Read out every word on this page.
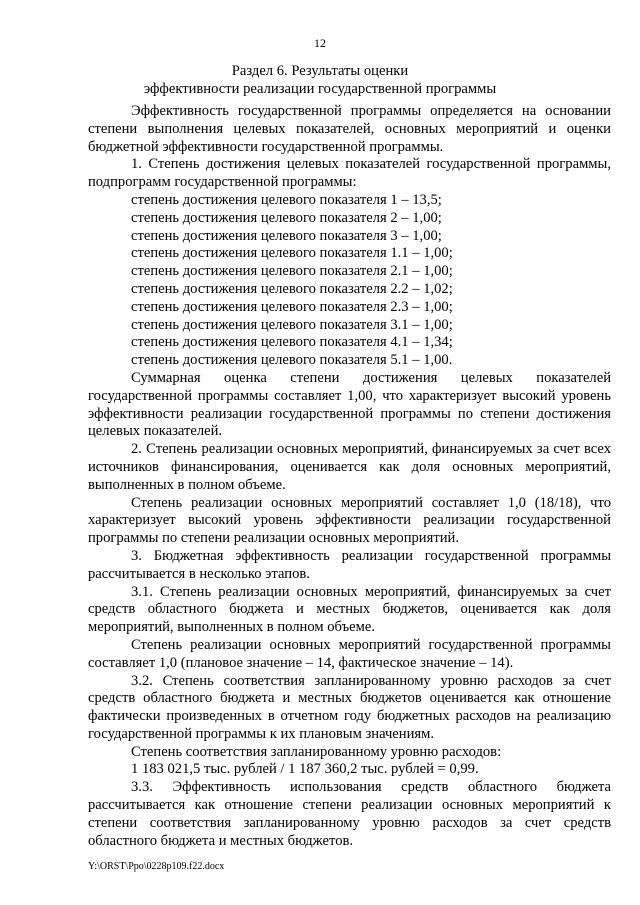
12
Раздел 6. Результаты оценки
эффективности реализации государственной программы

Эффективность государственной программы определяется на основании степени выполнения целевых показателей, основных мероприятий и оценки бюджетной эффективности государственной программы.

1. Степень достижения целевых показателей государственной программы, подпрограмм государственной программы:

степень достижения целевого показателя 1 – 13,5;
степень достижения целевого показателя 2 – 1,00;
степень достижения целевого показателя 3 – 1,00;
степень достижения целевого показателя 1.1 – 1,00;
степень достижения целевого показателя 2.1 – 1,00;
степень достижения целевого показателя 2.2 – 1,02;
степень достижения целевого показателя 2.3 – 1,00;
степень достижения целевого показателя 3.1 – 1,00;
степень достижения целевого показателя 4.1 – 1,34;
степень достижения целевого показателя 5.1 – 1,00.

Суммарная оценка степени достижения целевых показателей государственной программы составляет 1,00, что характеризует высокий уровень эффективности реализации государственной программы по степени достижения целевых показателей.

2. Степень реализации основных мероприятий, финансируемых за счет всех источников финансирования, оценивается как доля основных мероприятий, выполненных в полном объеме.

Степень реализации основных мероприятий составляет 1,0 (18/18), что характеризует высокий уровень эффективности реализации государственной программы по степени реализации основных мероприятий.

3. Бюджетная эффективность реализации государственной программы рассчитывается в несколько этапов.

3.1. Степень реализации основных мероприятий, финансируемых за счет средств областного бюджета и местных бюджетов, оценивается как доля мероприятий, выполненных в полном объеме.

Степень реализации основных мероприятий государственной программы составляет 1,0 (плановое значение – 14, фактическое значение – 14).

3.2. Степень соответствия запланированному уровню расходов за счет средств областного бюджета и местных бюджетов оценивается как отношение фактически произведенных в отчетном году бюджетных расходов на реализацию государственной программы к их плановым значениям.

Степень соответствия запланированному уровню расходов:

1 183 021,5 тыс. рублей / 1 187 360,2 тыс. рублей = 0,99.

3.3. Эффективность использования средств областного бюджета рассчитывается как отношение степени реализации основных мероприятий к степени соответствия запланированному уровню расходов за счет средств областного бюджета и местных бюджетов.

Y:\ORST\Ppo\0228p109.f22.docx
